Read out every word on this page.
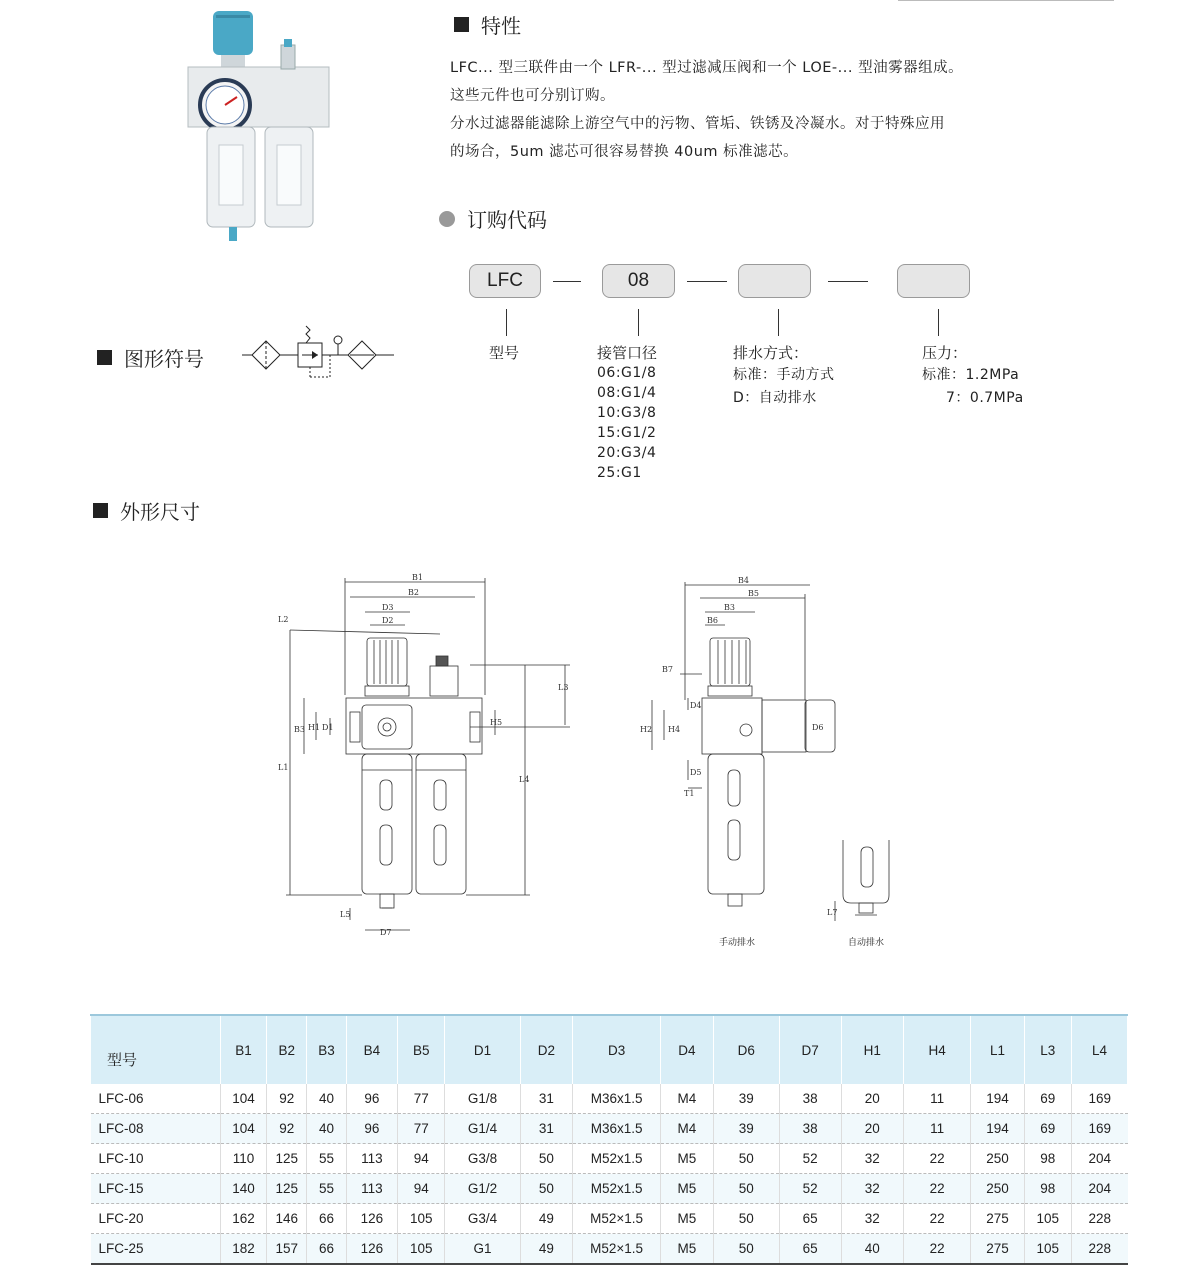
特性
LFC... 型三联件由一个 LFR-... 型过滤减压阀和一个 LOE-... 型油雾器组成。
这些元件也可分别订购。
分水过滤器能滤除上游空气中的污物、管垢、铁锈及冷凝水。对于特殊应用
的场合，5um 滤芯可很容易替换 40um 标准滤芯。
订购代码
LFC	08
型号	接管口径
06:G1/8
08:G1/4
10:G3/8
15:G1/2
20:G3/4
25:G1
排水方式：
标准：手动方式
D：自动排水
压力：
标准：1.2MPa
7：0.7MPa
图形符号
外形尺寸
B1
B2
D3
D2
L2
L3
L1
L4
B3 H1 D1
H5
L5
D7
B4
B5
B3
B6
B7
H2 H4
D4
D5
T1
D6
L7
手动排水	自动排水
型号	B1	B2	B3	B4	B5	D1	D2	D3	D4	D6	D7	H1	H4	L1	L3	L4
LFC-06	104	92	40	96	77	G1/8	31	M36x1.5	M4	39	38	20	11	194	69	169
LFC-08	104	92	40	96	77	G1/4	31	M36x1.5	M4	39	38	20	11	194	69	169
LFC-10	110	125	55	113	94	G3/8	50	M52x1.5	M5	50	52	32	22	250	98	204
LFC-15	140	125	55	113	94	G1/2	50	M52x1.5	M5	50	52	32	22	250	98	204
LFC-20	162	146	66	126	105	G3/4	49	M52×1.5	M5	50	65	32	22	275	105	228
LFC-25	182	157	66	126	105	G1	49	M52×1.5	M5	50	65	40	22	275	105	228
